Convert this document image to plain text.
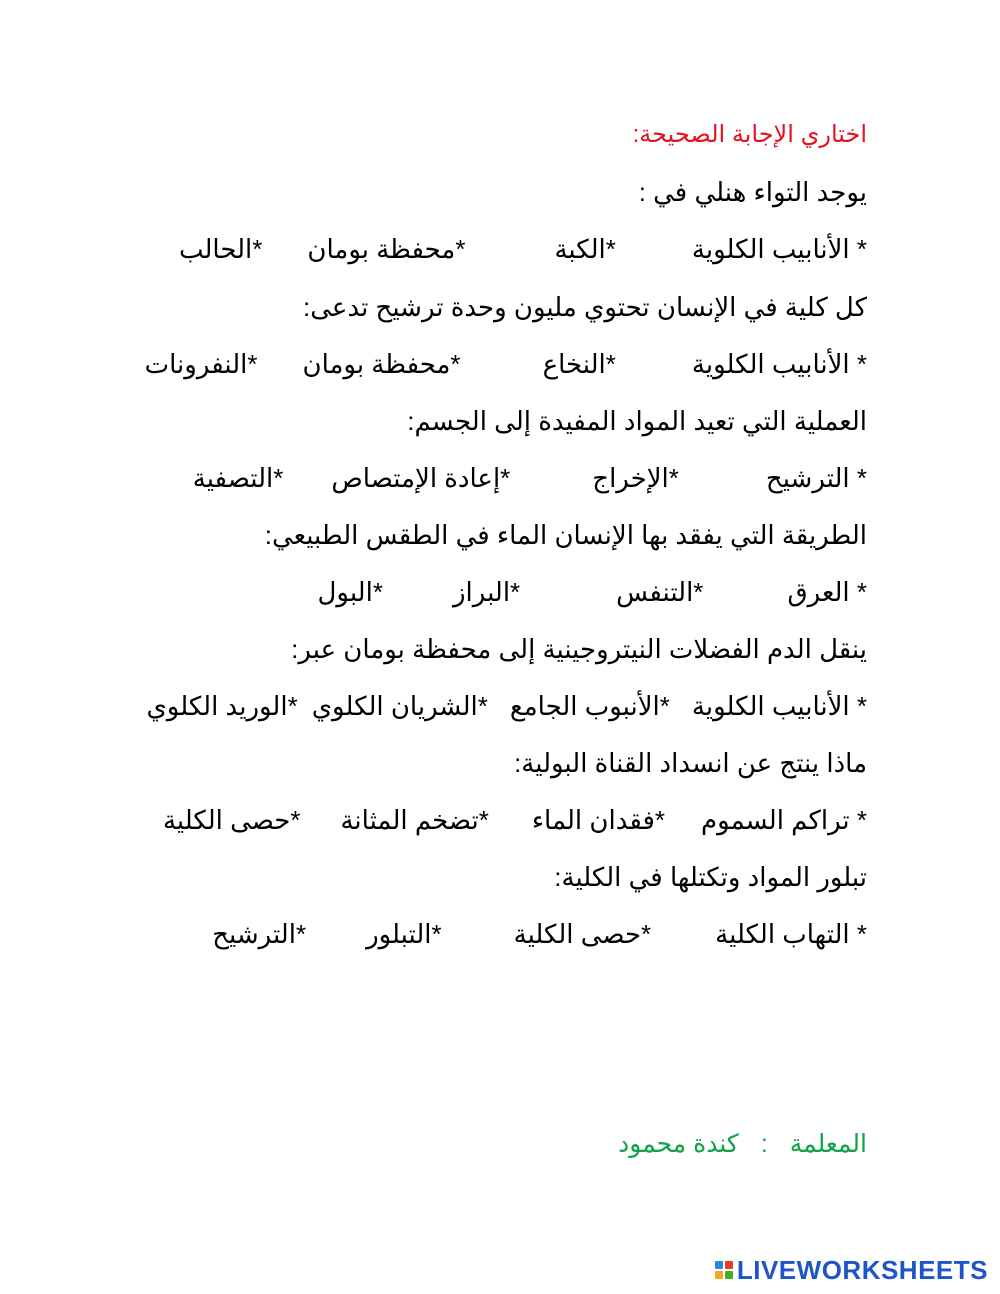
اختاري الإجابة الصحيحة:
يوجد التواء هنلي في :
* الأنابيب الكلوية
*الكبة
*محفظة بومان
*الحالب
كل كلية في الإنسان تحتوي مليون وحدة ترشيح تدعى:
* الأنابيب الكلوية
*النخاع
*محفظة بومان
*النفرونات
العملية التي تعيد المواد المفيدة إلى الجسم:
* الترشيح
*الإخراج
*إعادة الإمتصاص
*التصفية
الطريقة التي يفقد بها الإنسان الماء في الطقس الطبيعي:
* العرق
*التنفس
*البراز
*البول
ينقل الدم الفضلات النيتروجينية إلى محفظة بومان عبر:
* الأنابيب الكلوية
*الأنبوب الجامع
*الشريان الكلوي
*الوريد الكلوي
ماذا ينتج عن انسداد القناة البولية:
* تراكم السموم
*فقدان الماء
*تضخم المثانة
*حصى الكلية
تبلور المواد وتكتلها في الكلية:
* التهاب الكلية
*حصى الكلية
*التبلور
*الترشيح
المعلمة:كندة محمود
LIVEWORKSHEETS
